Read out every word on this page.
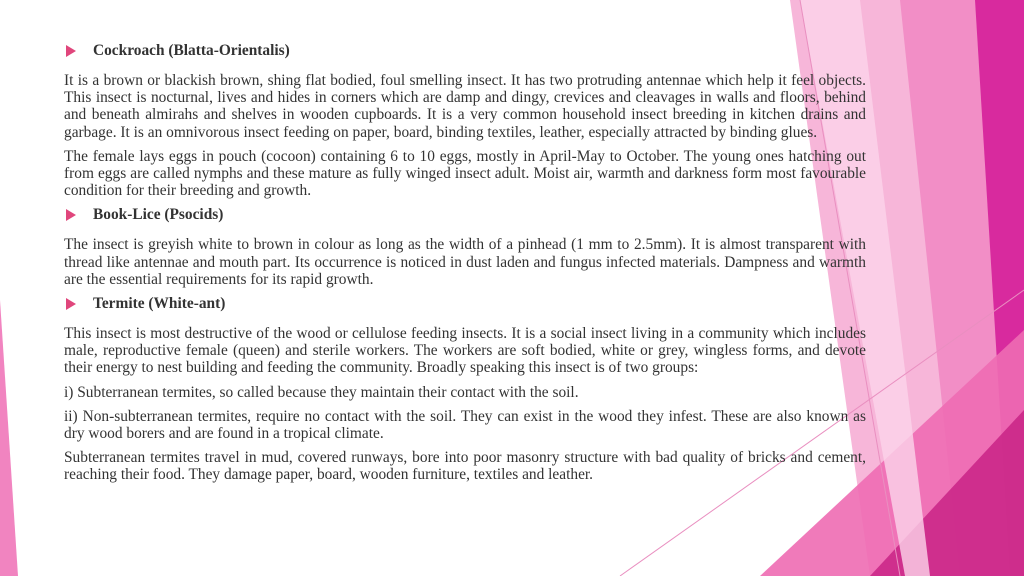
Cockroach (Blatta-Orientalis)

It is a brown or blackish brown, shing flat bodied, foul smelling insect. It has two protruding antennae which help it feel objects. This insect is nocturnal, lives and hides in corners which are damp and dingy, crevices and cleavages in walls and floors, behind and beneath almirahs and shelves in wooden cupboards. It is a very common household insect breeding in kitchen drains and garbage. It is an omnivorous insect feeding on paper, board, binding textiles, leather, especially attracted by binding glues.

The female lays eggs in pouch (cocoon) containing 6 to 10 eggs, mostly in April-May to October. The young ones hatching out from eggs are called nymphs and these mature as fully winged insect adult. Moist air, warmth and darkness form most favourable condition for their breeding and growth.

Book-Lice (Psocids)

The insect is greyish white to brown in colour as long as the width of a pinhead (1 mm to 2.5mm). It is almost transparent with thread like antennae and mouth part. Its occurrence is noticed in dust laden and fungus infected materials. Dampness and warmth are the essential requirements for its rapid growth.

Termite (White-ant)

This insect is most destructive of the wood or cellulose feeding insects. It is a social insect living in a community which includes male, reproductive female (queen) and sterile workers. The workers are soft bodied, white or grey, wingless forms, and devote their energy to nest building and feeding the community. Broadly speaking this insect is of two groups:

i) Subterranean termites, so called because they maintain their contact with the soil.

ii) Non-subterranean termites, require no contact with the soil. They can exist in the wood they infest. These are also known as dry wood borers and are found in a tropical climate.

Subterranean termites travel in mud, covered runways, bore into poor masonry structure with bad quality of bricks and cement, reaching their food. They damage paper, board, wooden furniture, textiles and leather.
